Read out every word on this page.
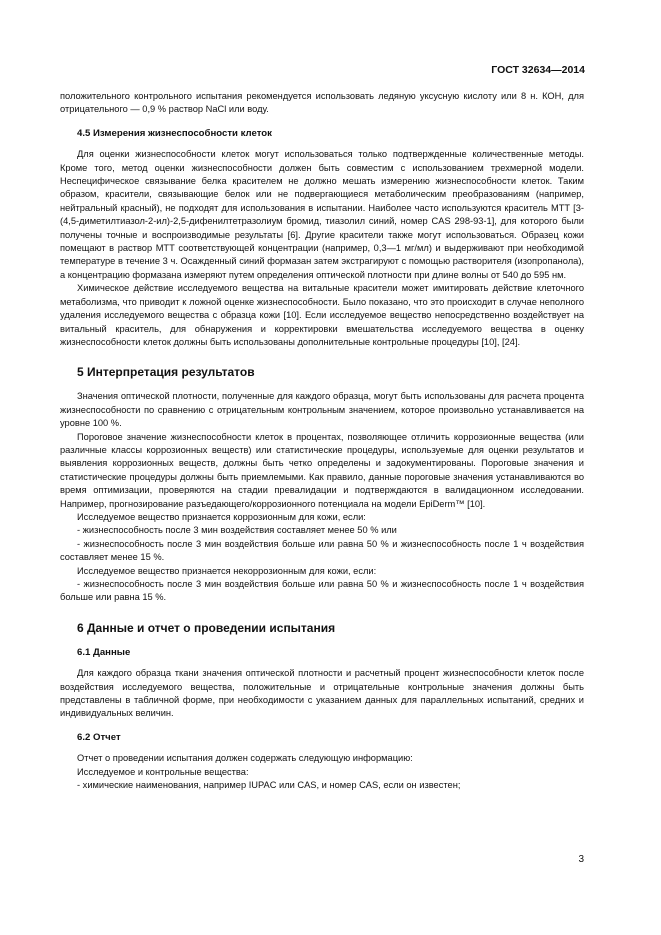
ГОСТ 32634—2014

положительного контрольного испытания рекомендуется использовать ледяную уксусную кислоту или 8 н. КОН, для отрицательного — 0,9 % раствор NaCl или воду.

4.5 Измерения жизнеспособности клеток

Для оценки жизнеспособности клеток могут использоваться только подтвержденные количественные методы. Кроме того, метод оценки жизнеспособности должен быть совместим с использованием трехмерной модели. Неспецифическое связывание белка красителем не должно мешать измерению жизнеспособности клеток. Таким образом, красители, связывающие белок или не подвергающиеся метаболическим преобразованиям (например, нейтральный красный), не подходят для использования в испытании. Наиболее часто используются краситель МТТ [3-(4,5-диметилтиазол-2-ил)-2,5-дифенилтетразолиум бромид, тиазолил синий, номер CAS 298-93-1], для которого были получены точные и воспроизводимые результаты [6]. Другие красители также могут использоваться. Образец кожи помещают в раствор МТТ соответствующей концентрации (например, 0,3—1 мг/мл) и выдерживают при необходимой температуре в течение 3 ч. Осажденный синий формазан затем экстрагируют с помощью растворителя (изопропанола), а концентрацию формазана измеряют путем определения оптической плотности при длине волны от 540 до 595 нм.

Химическое действие исследуемого вещества на витальные красители может имитировать действие клеточного метаболизма, что приводит к ложной оценке жизнеспособности. Было показано, что это происходит в случае неполного удаления исследуемого вещества с образца кожи [10]. Если исследуемое вещество непосредственно воздействует на витальный краситель, для обнаружения и корректировки вмешательства исследуемого вещества в оценку жизнеспособности клеток должны быть использованы дополнительные контрольные процедуры [10], [24].

5 Интерпретация результатов

Значения оптической плотности, полученные для каждого образца, могут быть использованы для расчета процента жизнеспособности по сравнению с отрицательным контрольным значением, которое произвольно устанавливается на уровне 100 %.

Пороговое значение жизнеспособности клеток в процентах, позволяющее отличить коррозионные вещества (или различные классы коррозионных веществ) или статистические процедуры, используемые для оценки результатов и выявления коррозионных веществ, должны быть четко определены и задокументированы. Пороговые значения и статистические процедуры должны быть приемлемыми. Как правило, данные пороговые значения устанавливаются во время оптимизации, проверяются на стадии превалидации и подтверждаются в валидационном исследовании. Например, прогнозирование разъедающего/коррозионного потенциала на модели EpiDerm™ [10].

Исследуемое вещество признается коррозионным для кожи, если:

- жизнеспособность после 3 мин воздействия составляет менее 50 % или

- жизнеспособность после 3 мин воздействия больше или равна 50 % и жизнеспособность после 1 ч воздействия составляет менее 15 %.

Исследуемое вещество признается некоррозионным для кожи, если:

- жизнеспособность после 3 мин воздействия больше или равна 50 % и жизнеспособность после 1 ч воздействия больше или равна 15 %.

6 Данные и отчет о проведении испытания

6.1 Данные

Для каждого образца ткани значения оптической плотности и расчетный процент жизнеспособности клеток после воздействия исследуемого вещества, положительные и отрицательные контрольные значения должны быть представлены в табличной форме, при необходимости с указанием данных для параллельных испытаний, средних и индивидуальных величин.

6.2 Отчет

Отчет о проведении испытания должен содержать следующую информацию:

Исследуемое и контрольные вещества:

- химические наименования, например IUPAC или CAS, и номер CAS, если он известен;

3
